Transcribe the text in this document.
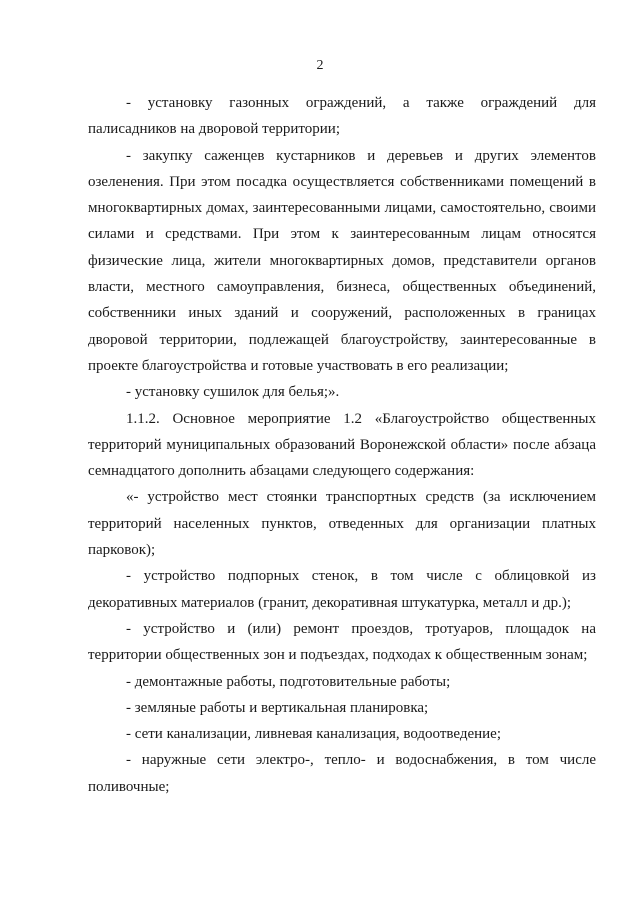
2

- установку газонных ограждений, а также ограждений для палисадников на дворовой территории;

- закупку саженцев кустарников и деревьев и других элементов озеленения. При этом посадка осуществляется собственниками помещений в многоквартирных домах, заинтересованными лицами, самостоятельно, своими силами и средствами. При этом к заинтересованным лицам относятся физические лица, жители многоквартирных домов, представители органов власти, местного самоуправления, бизнеса, общественных объединений, собственники иных зданий и сооружений, расположенных в границах дворовой территории, подлежащей благоустройству, заинтересованные в проекте благоустройства и готовые участвовать в его реализации;

- установку сушилок для белья;».

1.1.2. Основное мероприятие 1.2 «Благоустройство общественных территорий муниципальных образований Воронежской области» после абзаца семнадцатого дополнить абзацами следующего содержания:

«- устройство мест стоянки транспортных средств (за исключением территорий населенных пунктов, отведенных для организации платных парковок);

- устройство подпорных стенок, в том числе с облицовкой из декоративных материалов (гранит, декоративная штукатурка, металл и др.);

- устройство и (или) ремонт проездов, тротуаров, площадок на территории общественных зон и подъездах, подходах к общественным зонам;

- демонтажные работы, подготовительные работы;

- земляные работы и вертикальная планировка;

- сети канализации, ливневая канализация, водоотведение;

- наружные сети электро-, тепло- и водоснабжения, в том числе поливочные;
